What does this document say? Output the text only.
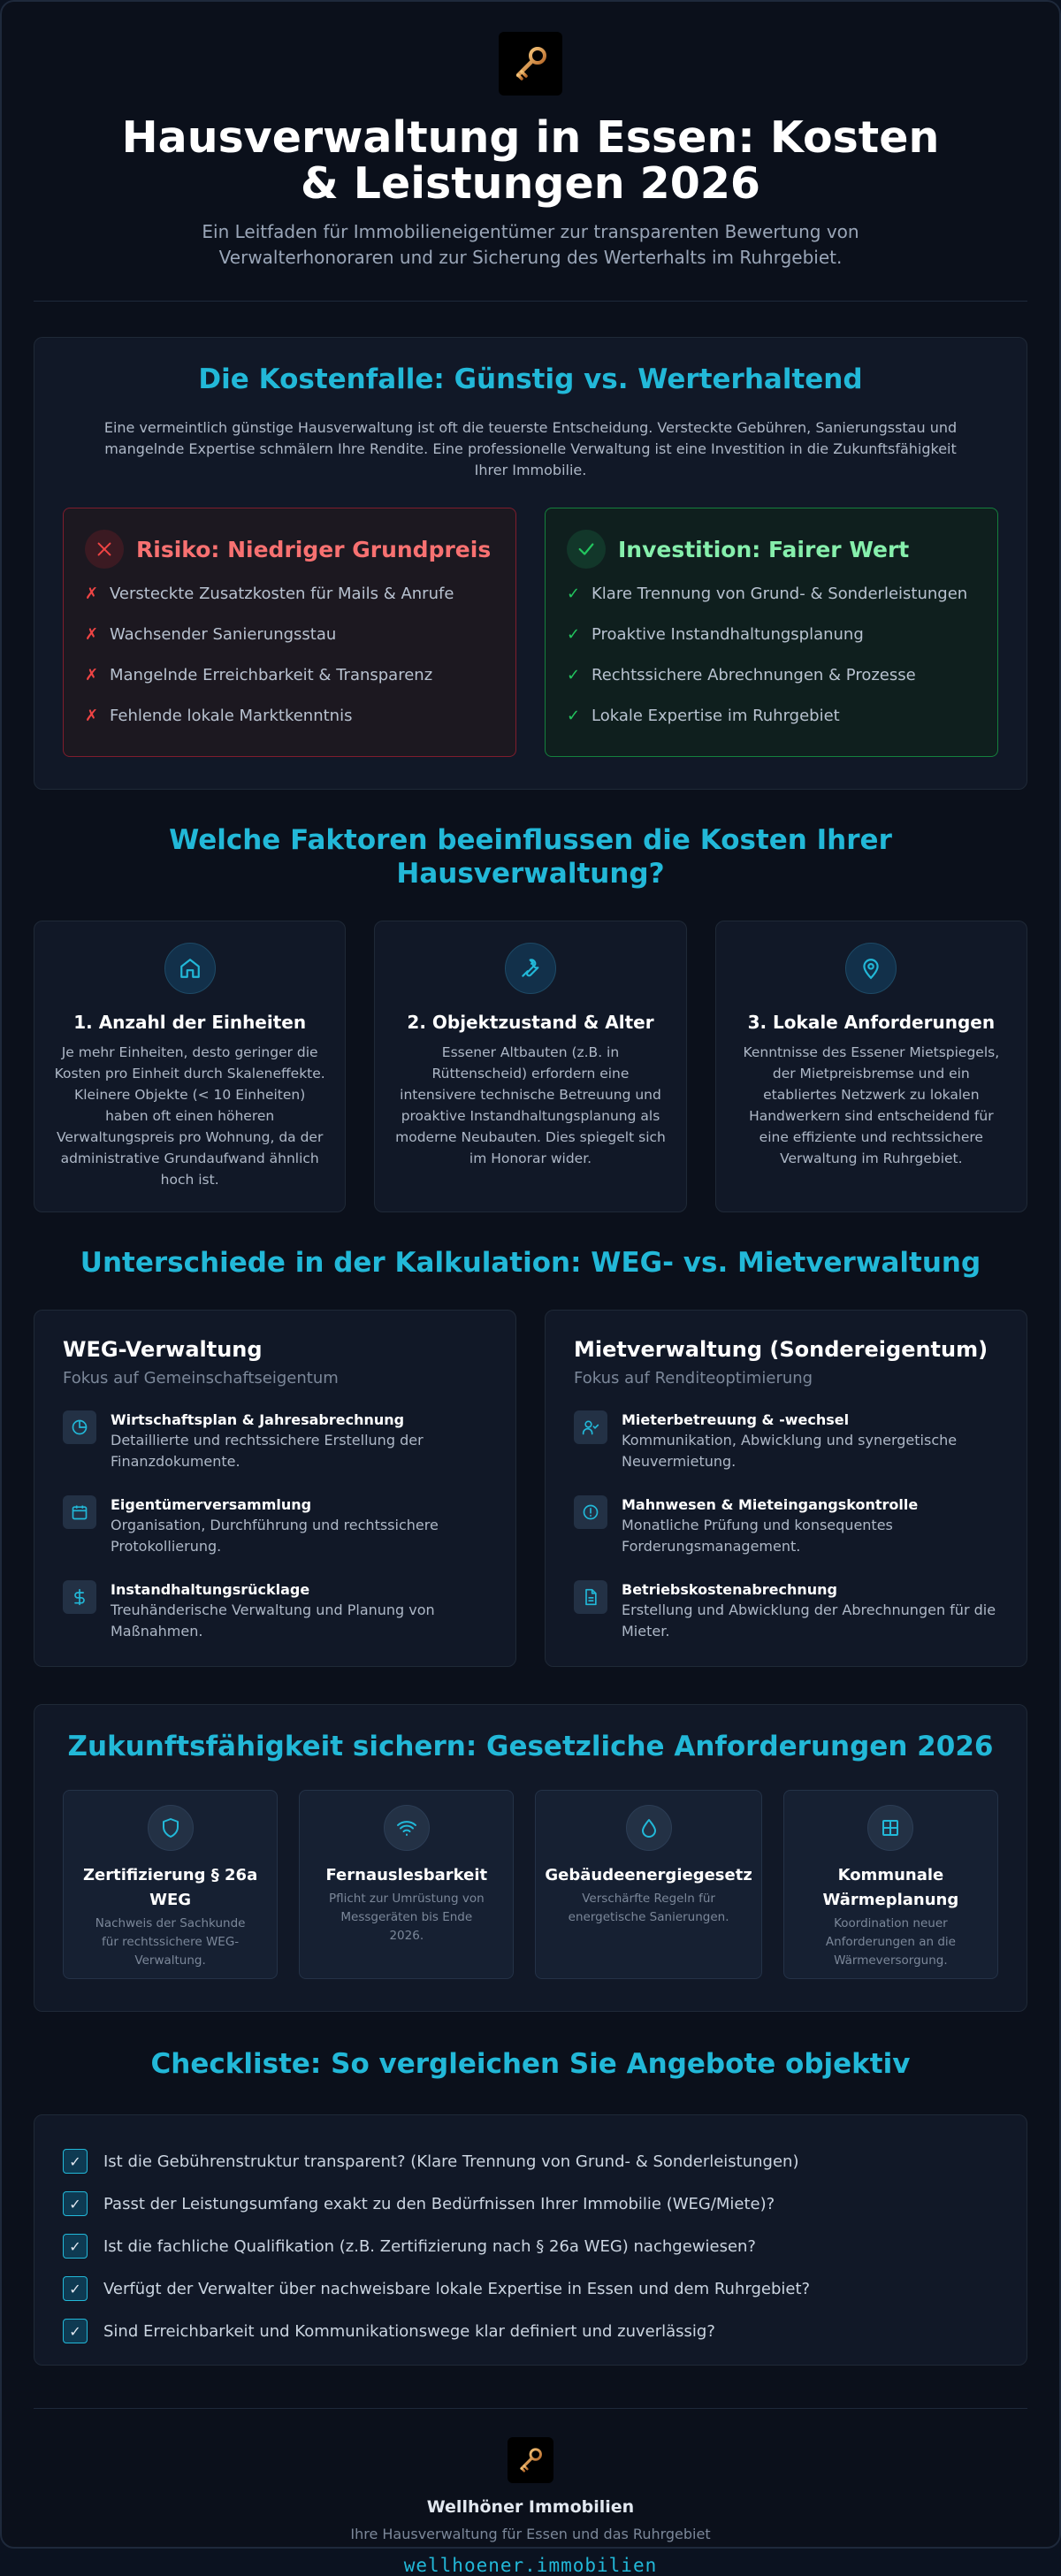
Hausverwaltung in Essen: Kosten & Leistungen 2026

Ein Leitfaden für Immobilieneigentümer zur transparenten Bewertung von Verwalterhonoraren und zur Sicherung des Werterhalts im Ruhrgebiet.

Die Kostenfalle: Günstig vs. Werterhaltend

Eine vermeintlich günstige Hausverwaltung ist oft die teuerste Entscheidung. Versteckte Gebühren, Sanierungsstau und mangelnde Expertise schmälern Ihre Rendite. Eine professionelle Verwaltung ist eine Investition in die Zukunftsfähigkeit Ihrer Immobilie.

Risiko: Niedriger Grundpreis
✗ Versteckte Zusatzkosten für Mails & Anrufe
✗ Wachsender Sanierungsstau
✗ Mangelnde Erreichbarkeit & Transparenz
✗ Fehlende lokale Marktkenntnis
Investition: Fairer Wert
✓ Klare Trennung von Grund- & Sonderleistungen
✓ Proaktive Instandhaltungsplanung
✓ Rechtssichere Abrechnungen & Prozesse
✓ Lokale Expertise im Ruhrgebiet
Welche Faktoren beeinflussen die Kosten Ihrer Hausverwaltung?
1. Anzahl der Einheiten
Je mehr Einheiten, desto geringer die Kosten pro Einheit durch Skaleneffekte. Kleinere Objekte (< 10 Einheiten) haben oft einen höheren Verwaltungspreis pro Wohnung, da der administrative Grundaufwand ähnlich hoch ist.
2. Objektzustand & Alter
Essener Altbauten (z.B. in Rüttenscheid) erfordern eine intensivere technische Betreuung und proaktive Instandhaltungsplanung als moderne Neubauten. Dies spiegelt sich im Honorar wider.
3. Lokale Anforderungen
Kenntnisse des Essener Mietspiegels, der Mietpreisbremse und ein etabliertes Netzwerk zu lokalen Handwerkern sind entscheidend für eine effiziente und rechtssichere Verwaltung im Ruhrgebiet.
Unterschiede in der Kalkulation: WEG- vs. Mietverwaltung
WEG-Verwaltung
Fokus auf Gemeinschaftseigentum
Wirtschaftsplan & Jahresabrechnung
Detaillierte und rechtssichere Erstellung der Finanzdokumente.
Eigentümerversammlung
Organisation, Durchführung und rechtssichere Protokollierung.
Instandhaltungsrücklage
Treuhänderische Verwaltung und Planung von Maßnahmen.
Mietverwaltung (Sondereigentum)
Fokus auf Renditeoptimierung
Mieterbetreuung & -wechsel
Kommunikation, Abwicklung und synergetische Neuvermietung.
Mahnwesen & Mieteingangskontrolle
Monatliche Prüfung und konsequentes Forderungsmanagement.
Betriebskostenabrechnung
Erstellung und Abwicklung der Abrechnungen für die Mieter.
Zukunftsfähigkeit sichern: Gesetzliche Anforderungen 2026
Zertifizierung § 26a WEG
Nachweis der Sachkunde für rechtssichere WEG-Verwaltung.
Fernauslesbarkeit
Pflicht zur Umrüstung von Messgeräten bis Ende 2026.
Gebäudeenergiegesetz
Verschärfte Regeln für energetische Sanierungen.
Kommunale Wärmeplanung
Koordination neuer Anforderungen an die Wärmeversorgung.
Checkliste: So vergleichen Sie Angebote objektiv
✓	Ist die Gebührenstruktur transparent? (Klare Trennung von Grund- & Sonderleistungen)
✓	Passt der Leistungsumfang exakt zu den Bedürfnissen Ihrer Immobilie (WEG/Miete)?
✓	Ist die fachliche Qualifikation (z.B. Zertifizierung nach § 26a WEG) nachgewiesen?
✓	Verfügt der Verwalter über nachweisbare lokale Expertise in Essen und dem Ruhrgebiet?
✓	Sind Erreichbarkeit und Kommunikationswege klar definiert und zuverlässig?
Wellhöner Immobilien
Ihre Hausverwaltung für Essen und das Ruhrgebiet
wellhoener.immobilien
